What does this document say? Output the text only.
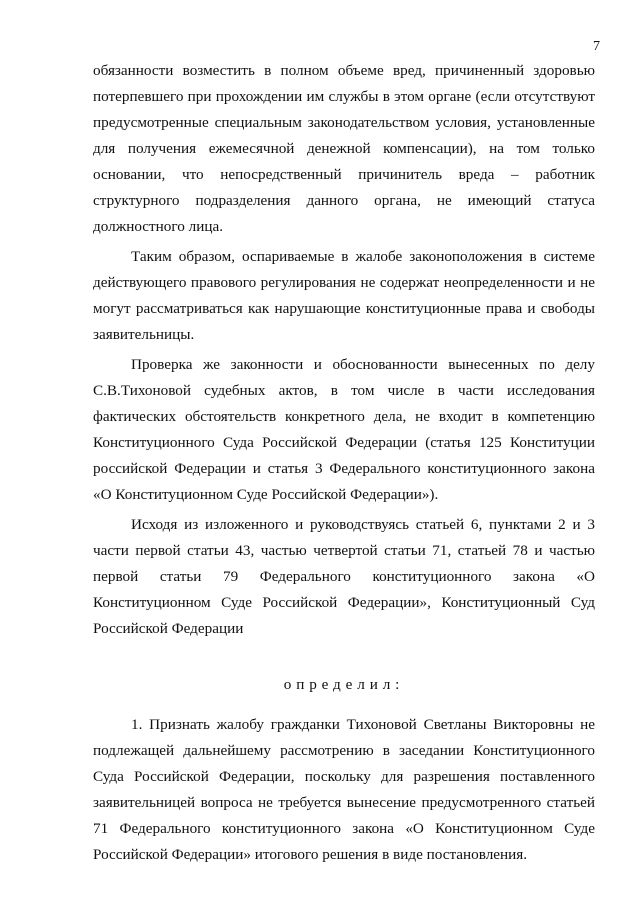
7

обязанности возместить в полном объеме вред, причиненный здоровью потерпевшего при прохождении им службы в этом органе (если отсутствуют предусмотренные специальным законодательством условия, установленные для получения ежемесячной денежной компенсации), на том только основании, что непосредственный причинитель вреда – работник структурного подразделения данного органа, не имеющий статуса должностного лица.

Таким образом, оспариваемые в жалобе законоположения в системе действующего правового регулирования не содержат неопределенности и не могут рассматриваться как нарушающие конституционные права и свободы заявительницы.

Проверка же законности и обоснованности вынесенных по делу С.В.Тихоновой судебных актов, в том числе в части исследования фактических обстоятельств конкретного дела, не входит в компетенцию Конституционного Суда Российской Федерации (статья 125 Конституции российской Федерации и статья 3 Федерального конституционного закона «О Конституционном Суде Российской Федерации»).

Исходя из изложенного и руководствуясь статьей 6, пунктами 2 и 3 части первой статьи 43, частью четвертой статьи 71, статьей 78 и частью первой статьи 79 Федерального конституционного закона «О Конституционном Суде Российской Федерации», Конституционный Суд Российской Федерации

определил:

1. Признать жалобу гражданки Тихоновой Светланы Викторовны не подлежащей дальнейшему рассмотрению в заседании Конституционного Суда Российской Федерации, поскольку для разрешения поставленного заявительницей вопроса не требуется вынесение предусмотренного статьей 71 Федерального конституционного закона «О Конституционном Суде Российской Федерации» итогового решения в виде постановления.
